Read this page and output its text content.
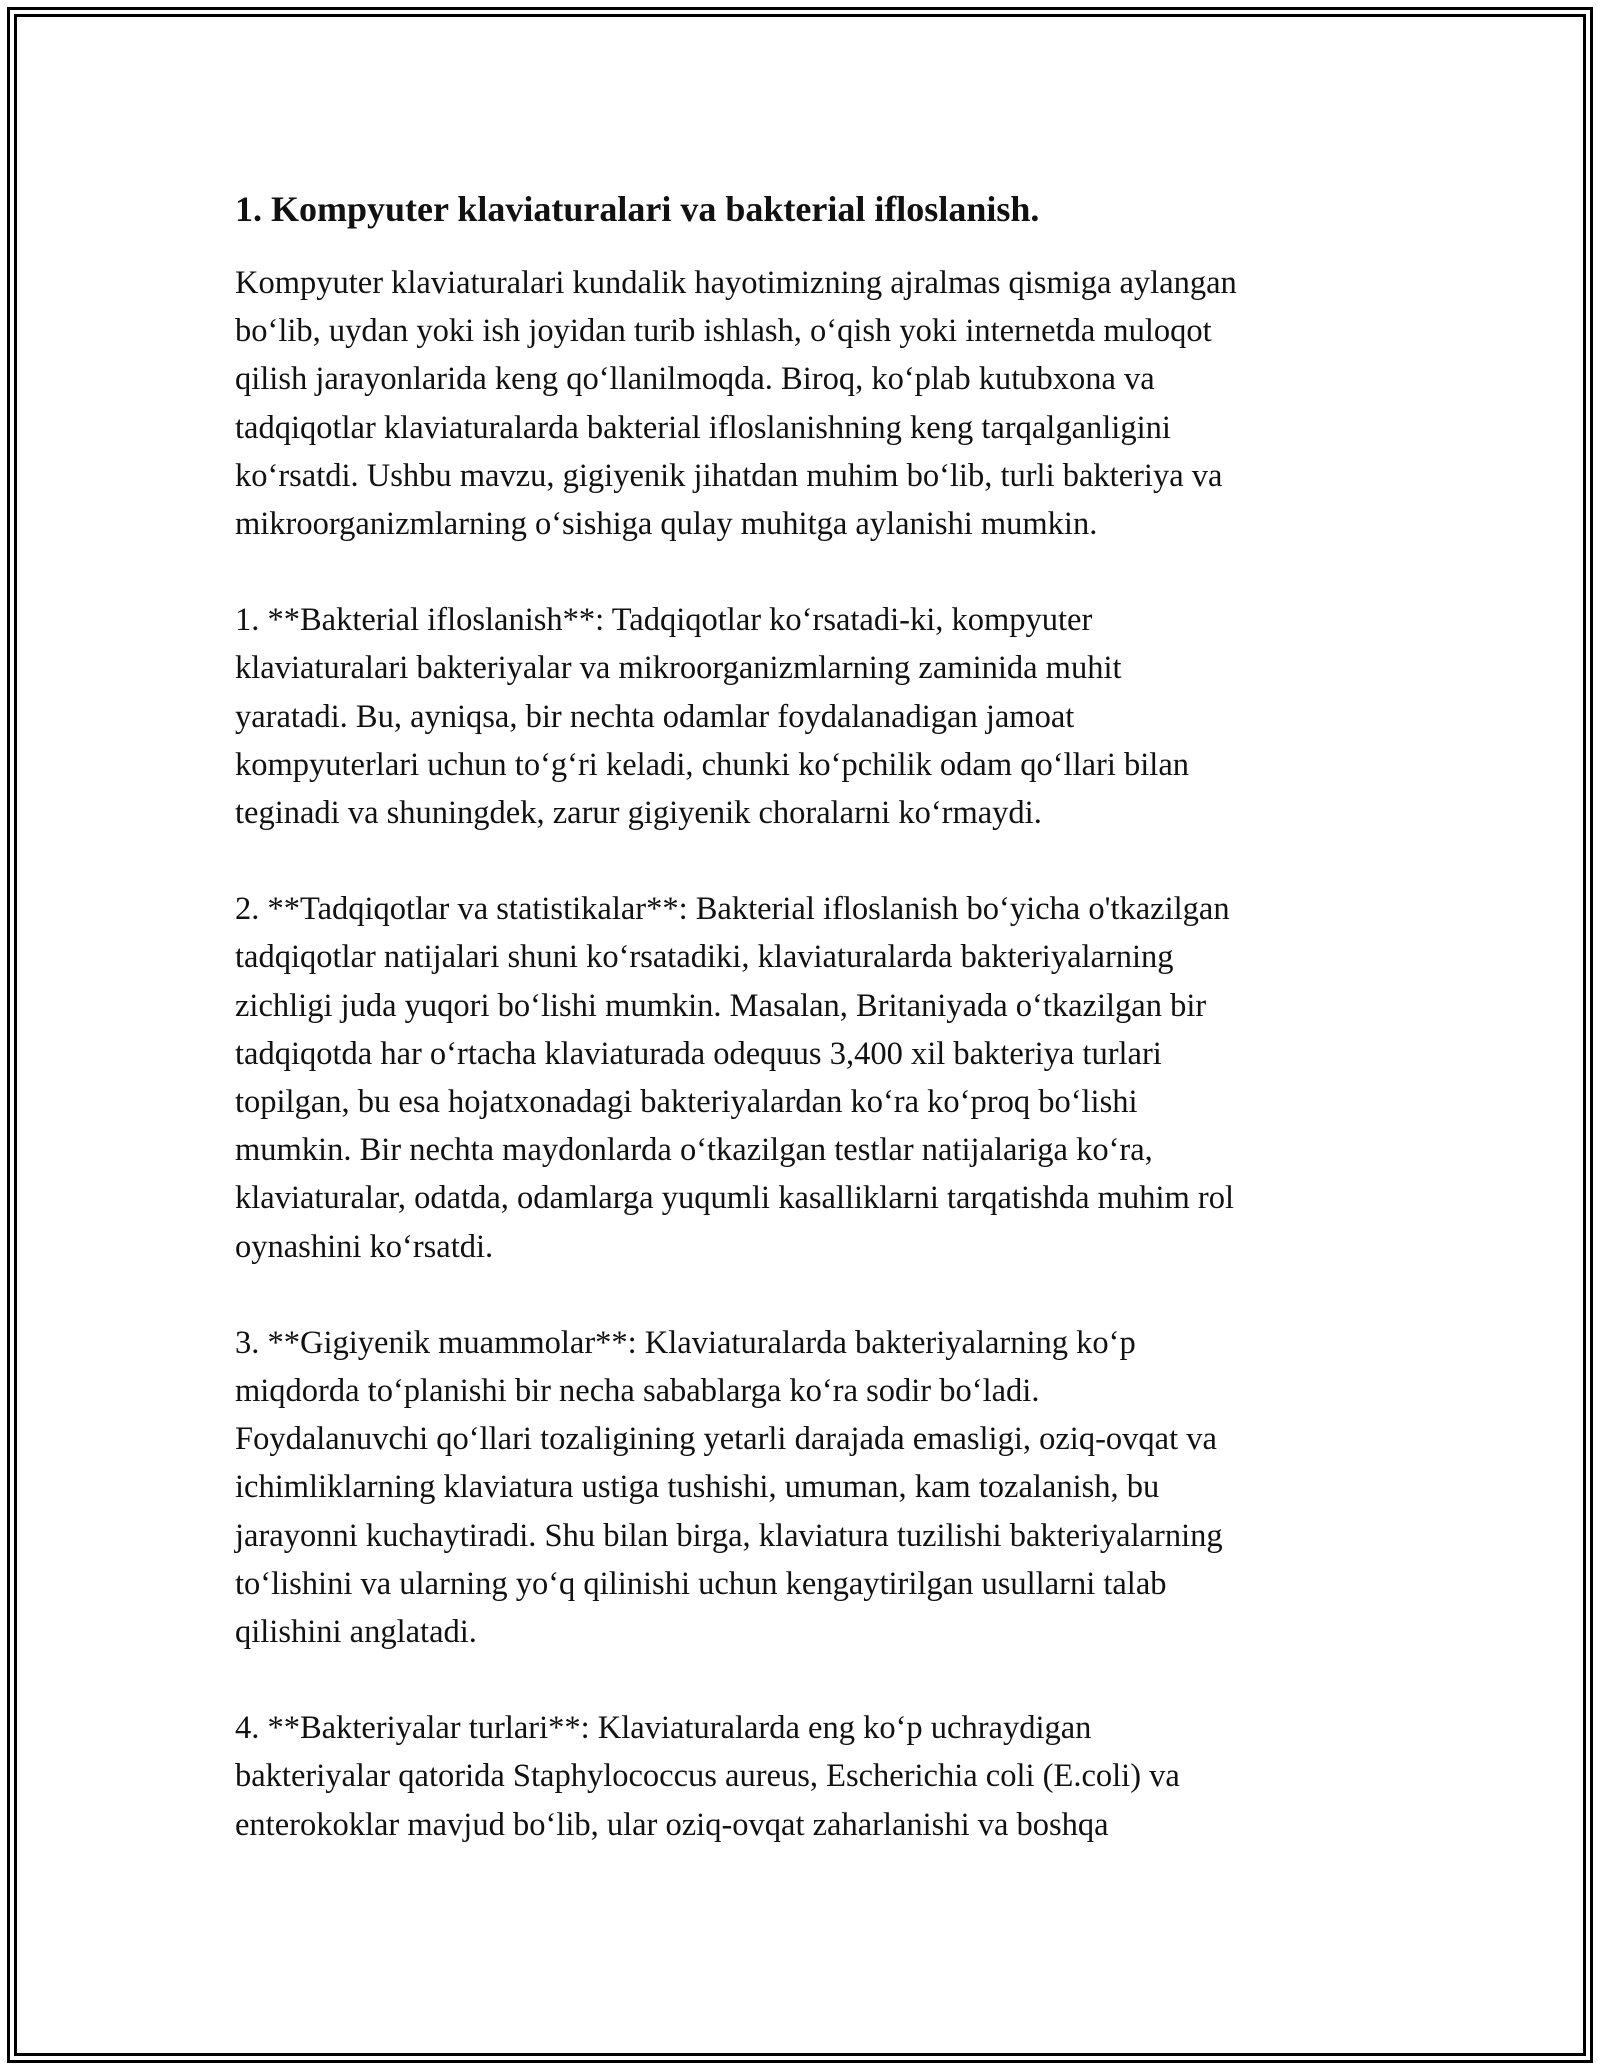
1. Kompyuter klaviaturalari va bakterial ifloslanish.
Kompyuter klaviaturalari kundalik hayotimizning ajralmas qismiga aylangan
bo‘lib, uydan yoki ish joyidan turib ishlash, o‘qish yoki internetda muloqot
qilish jarayonlarida keng qo‘llanilmoqda. Biroq, ko‘plab kutubxona va
tadqiqotlar klaviaturalarda bakterial ifloslanishning keng tarqalganligini
ko‘rsatdi. Ushbu mavzu, gigiyenik jihatdan muhim bo‘lib, turli bakteriya va
mikroorganizmlarning o‘sishiga qulay muhitga aylanishi mumkin.
1. **Bakterial ifloslanish**: Tadqiqotlar ko‘rsatadi-ki, kompyuter
klaviaturalari bakteriyalar va mikroorganizmlarning zaminida muhit
yaratadi. Bu, ayniqsa, bir nechta odamlar foydalanadigan jamoat
kompyuterlari uchun to‘g‘ri keladi, chunki ko‘pchilik odam qo‘llari bilan
teginadi va shuningdek, zarur gigiyenik choralarni ko‘rmaydi.
2. **Tadqiqotlar va statistikalar**: Bakterial ifloslanish bo‘yicha o'tkazilgan
tadqiqotlar natijalari shuni ko‘rsatadiki, klaviaturalarda bakteriyalarning
zichligi juda yuqori bo‘lishi mumkin. Masalan, Britaniyada o‘tkazilgan bir
tadqiqotda har o‘rtacha klaviaturada odequus 3,400 xil bakteriya turlari
topilgan, bu esa hojatxonadagi bakteriyalardan ko‘ra ko‘proq bo‘lishi
mumkin. Bir nechta maydonlarda o‘tkazilgan testlar natijalariga ko‘ra,
klaviaturalar, odatda, odamlarga yuqumli kasalliklarni tarqatishda muhim rol
oynashini ko‘rsatdi.
3. **Gigiyenik muammolar**: Klaviaturalarda bakteriyalarning ko‘p
miqdorda to‘planishi bir necha sabablarga ko‘ra sodir bo‘ladi.
Foydalanuvchi qo‘llari tozaligining yetarli darajada emasligi, oziq-ovqat va
ichimliklarning klaviatura ustiga tushishi, umuman, kam tozalanish, bu
jarayonni kuchaytiradi. Shu bilan birga, klaviatura tuzilishi bakteriyalarning
to‘lishini va ularning yo‘q qilinishi uchun kengaytirilgan usullarni talab
qilishini anglatadi.
4. **Bakteriyalar turlari**: Klaviaturalarda eng ko‘p uchraydigan
bakteriyalar qatorida Staphylococcus aureus, Escherichia coli (E.coli) va
enterokoklar mavjud bo‘lib, ular oziq-ovqat zaharlanishi va boshqa
